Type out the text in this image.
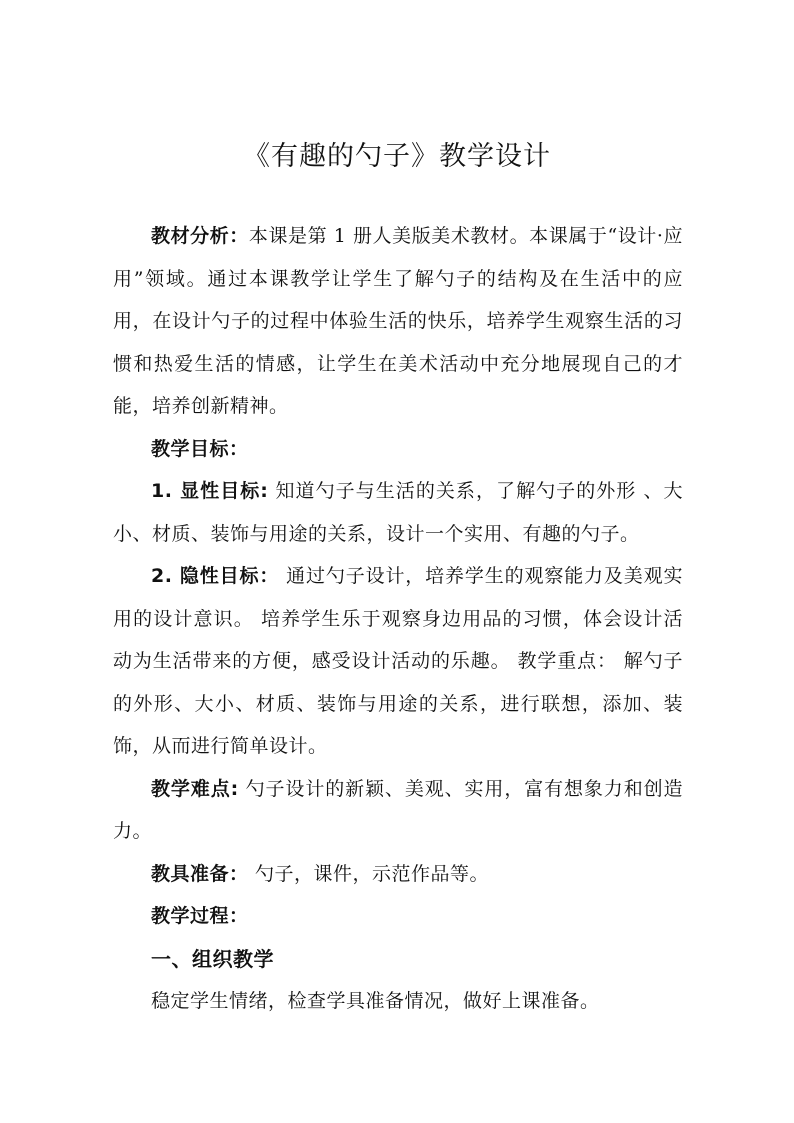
《有趣的勺子》教学设计

教材分析：本课是第 1 册人美版美术教材。本课属于“设计·应用”领域。通过本课教学让学生了解勺子的结构及在生活中的应用，在设计勺子的过程中体验生活的快乐，培养学生观察生活的习惯和热爱生活的情感，让学生在美术活动中充分地展现自己的才能，培养创新精神。

教学目标：

1. 显性目标: 知道勺子与生活的关系，了解勺子的外形 、大小、材质、装饰与用途的关系，设计一个实用、有趣的勺子。

2. 隐性目标： 通过勺子设计，培养学生的观察能力及美观实用的设计意识。 培养学生乐于观察身边用品的习惯，体会设计活动为生活带来的方便，感受设计活动的乐趣。 教学重点： 解勺子的外形、大小、材质、装饰与用途的关系，进行联想，添加、装饰，从而进行简单设计。

教学难点: 勺子设计的新颖、美观、实用，富有想象力和创造力。

教具准备： 勺子，课件，示范作品等。

教学过程：

一、组织教学

稳定学生情绪，检查学具准备情况，做好上课准备。
